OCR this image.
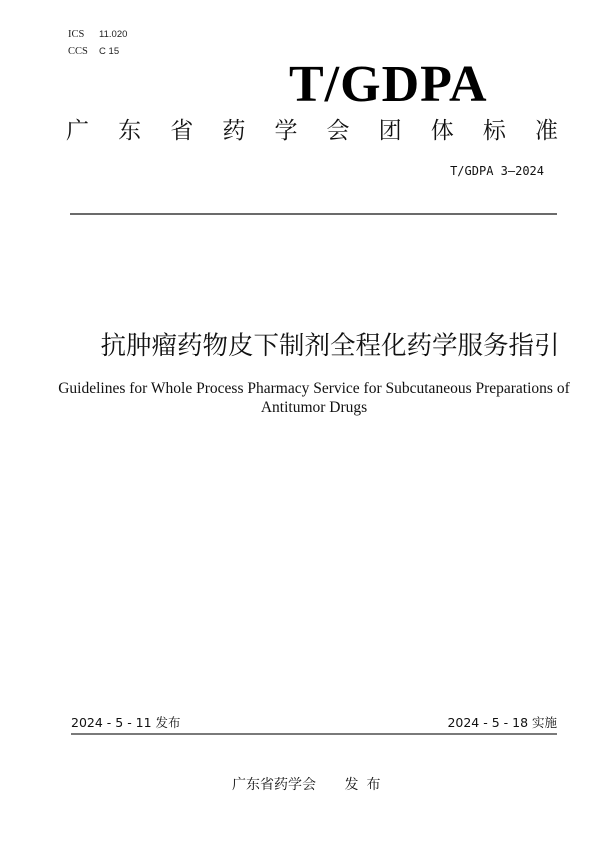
ICS 11.020
CCS C 15
T/GDPA
广 东 省 药 学 会 团 体 标 准
T/GDPA 3—2024
抗肿瘤药物皮下制剂全程化药学服务指引
Guidelines for Whole Process Pharmacy Service for Subcutaneous Preparations of
Antitumor Drugs
2024 - 5 - 11 发布	2024 - 5 - 18 实施
广东省药学会 发布
